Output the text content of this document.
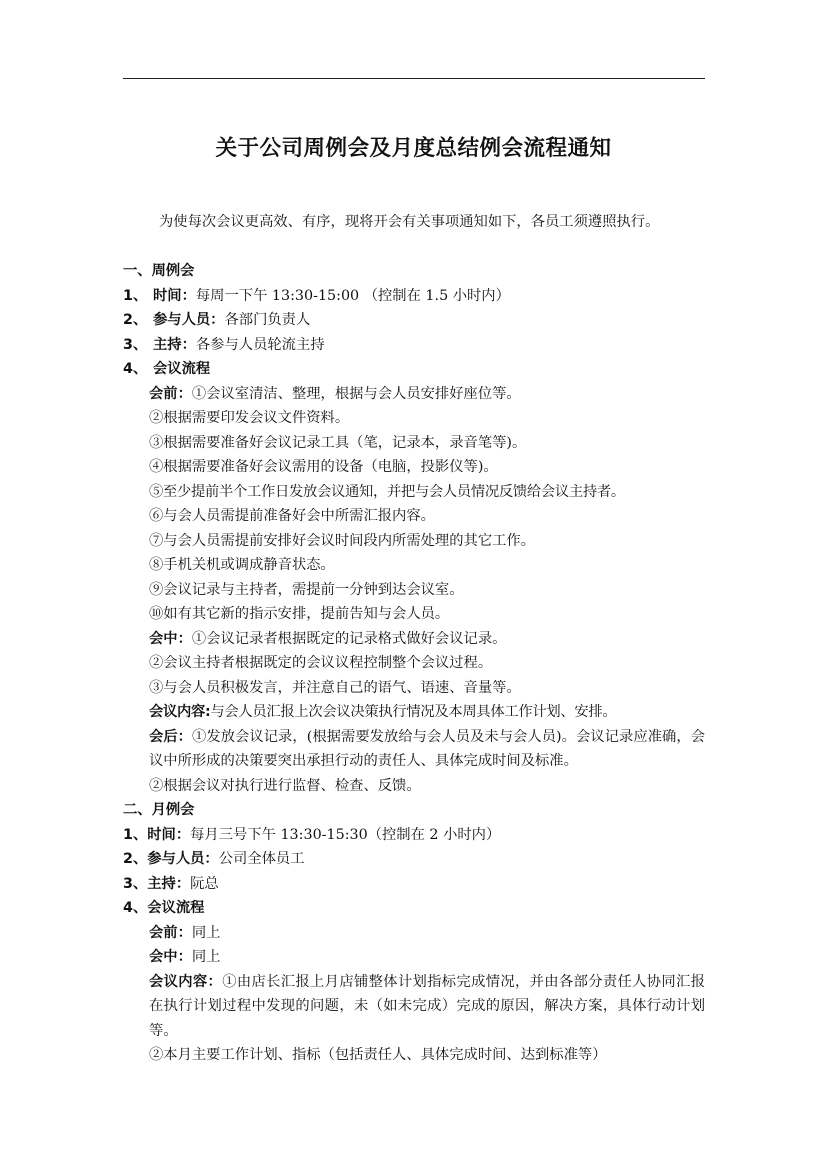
关于公司周例会及月度总结例会流程通知

为使每次会议更高效、有序，现将开会有关事项通知如下，各员工须遵照执行。

一、周例会

1、 时间：每周一下午 13:30-15:00 （控制在 1.5 小时内）

2、 参与人员：各部门负责人

3、 主持：各参与人员轮流主持

4、 会议流程

会前：①会议室清洁、整理，根据与会人员安排好座位等。

②根据需要印发会议文件资料。

③根据需要准备好会议记录工具（笔，记录本，录音笔等)。

④根据需要准备好会议需用的设备（电脑，投影仪等)。

⑤至少提前半个工作日发放会议通知，并把与会人员情况反馈给会议主持者。

⑥与会人员需提前准备好会中所需汇报内容。

⑦与会人员需提前安排好会议时间段内所需处理的其它工作。

⑧手机关机或调成静音状态。

⑨会议记录与主持者，需提前一分钟到达会议室。

⑩如有其它新的指示安排，提前告知与会人员。

会中：①会议记录者根据既定的记录格式做好会议记录。

②会议主持者根据既定的会议议程控制整个会议过程。

③与会人员积极发言，并注意自己的语气、语速、音量等。

会议内容:与会人员汇报上次会议决策执行情况及本周具体工作计划、安排。

会后：①发放会议记录，(根据需要发放给与会人员及未与会人员)。会议记录应准确，会议中所形成的决策要突出承担行动的责任人、具体完成时间及标准。

②根据会议对执行进行监督、检查、反馈。

二、月例会

1、时间：每月三号下午 13:30-15:30（控制在 2 小时内）

2、参与人员：公司全体员工

3、主持：阮总

4、会议流程

会前：同上

会中：同上

会议内容：①由店长汇报上月店铺整体计划指标完成情况，并由各部分责任人协同汇报在执行计划过程中发现的问题，未（如未完成）完成的原因，解决方案，具体行动计划等。

②本月主要工作计划、指标（包括责任人、具体完成时间、达到标准等）
